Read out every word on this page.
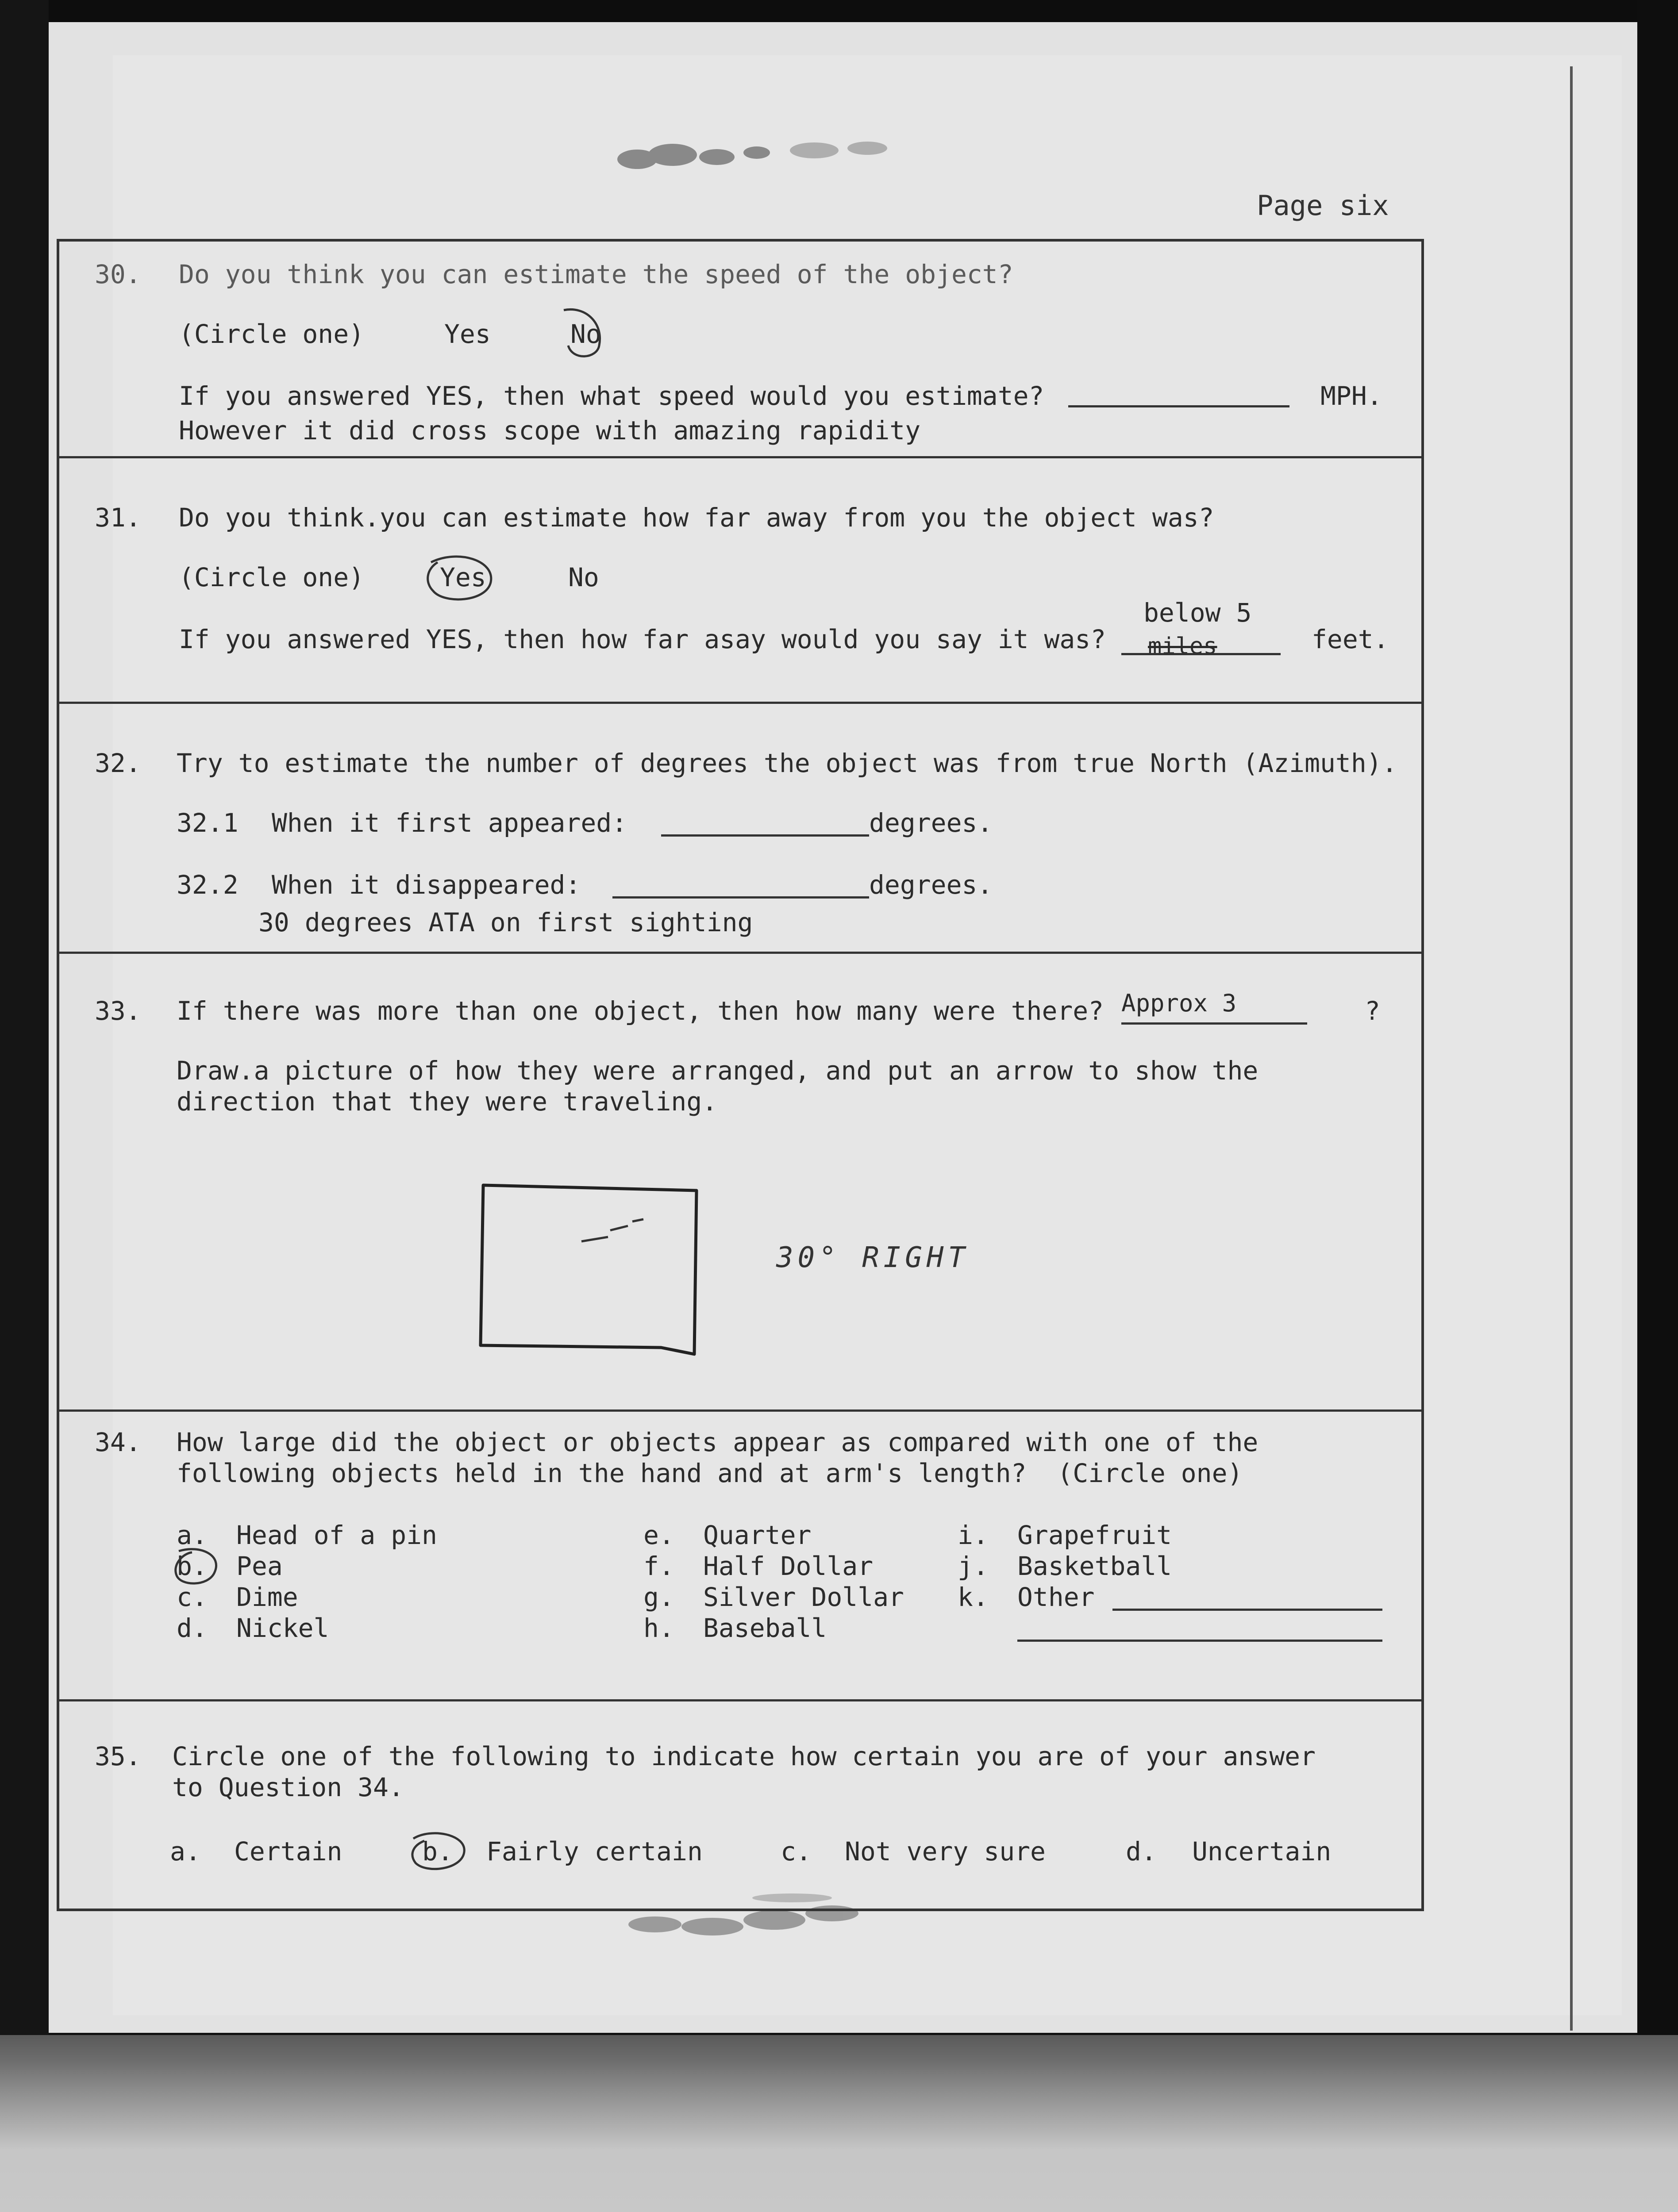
Page six
30. Do you think you can estimate the speed of the object?
(Circle one)	Yes	No
If you answered YES, then what speed would you estimate?	MPH.
However it did cross scope with amazing rapidity
31. Do you think.you can estimate how far away from you the object was?
(Circle one)	Yes	No
If you answered YES, then how far asay would you say it was?
below 5
miles	feet.
32. Try to estimate the number of degrees the object was from true North (Azimuth).
32.1 When it first appeared:	degrees.
32.2 When it disappeared:	degrees.
30 degrees ATA on first sighting
33. If there was more than one object, then how many were there? Approx 3	?
Draw.a picture of how they were arranged, and put an arrow to show the
direction that they were traveling.
30° RIGHT
34. How large did the object or objects appear as compared with one of the
following objects held in the hand and at arm's length?  (Circle one)
a. Head of a pin
b. Pea
c. Dime
d. Nickel
e. Quarter
f. Half Dollar
g. Silver Dollar
h. Baseball
i. Grapefruit
j. Basketball
k. Other
35. Circle one of the following to indicate how certain you are of your answer
to Question 34.
a. Certain	b. Fairly certain	c. Not very sure	d. Uncertain
